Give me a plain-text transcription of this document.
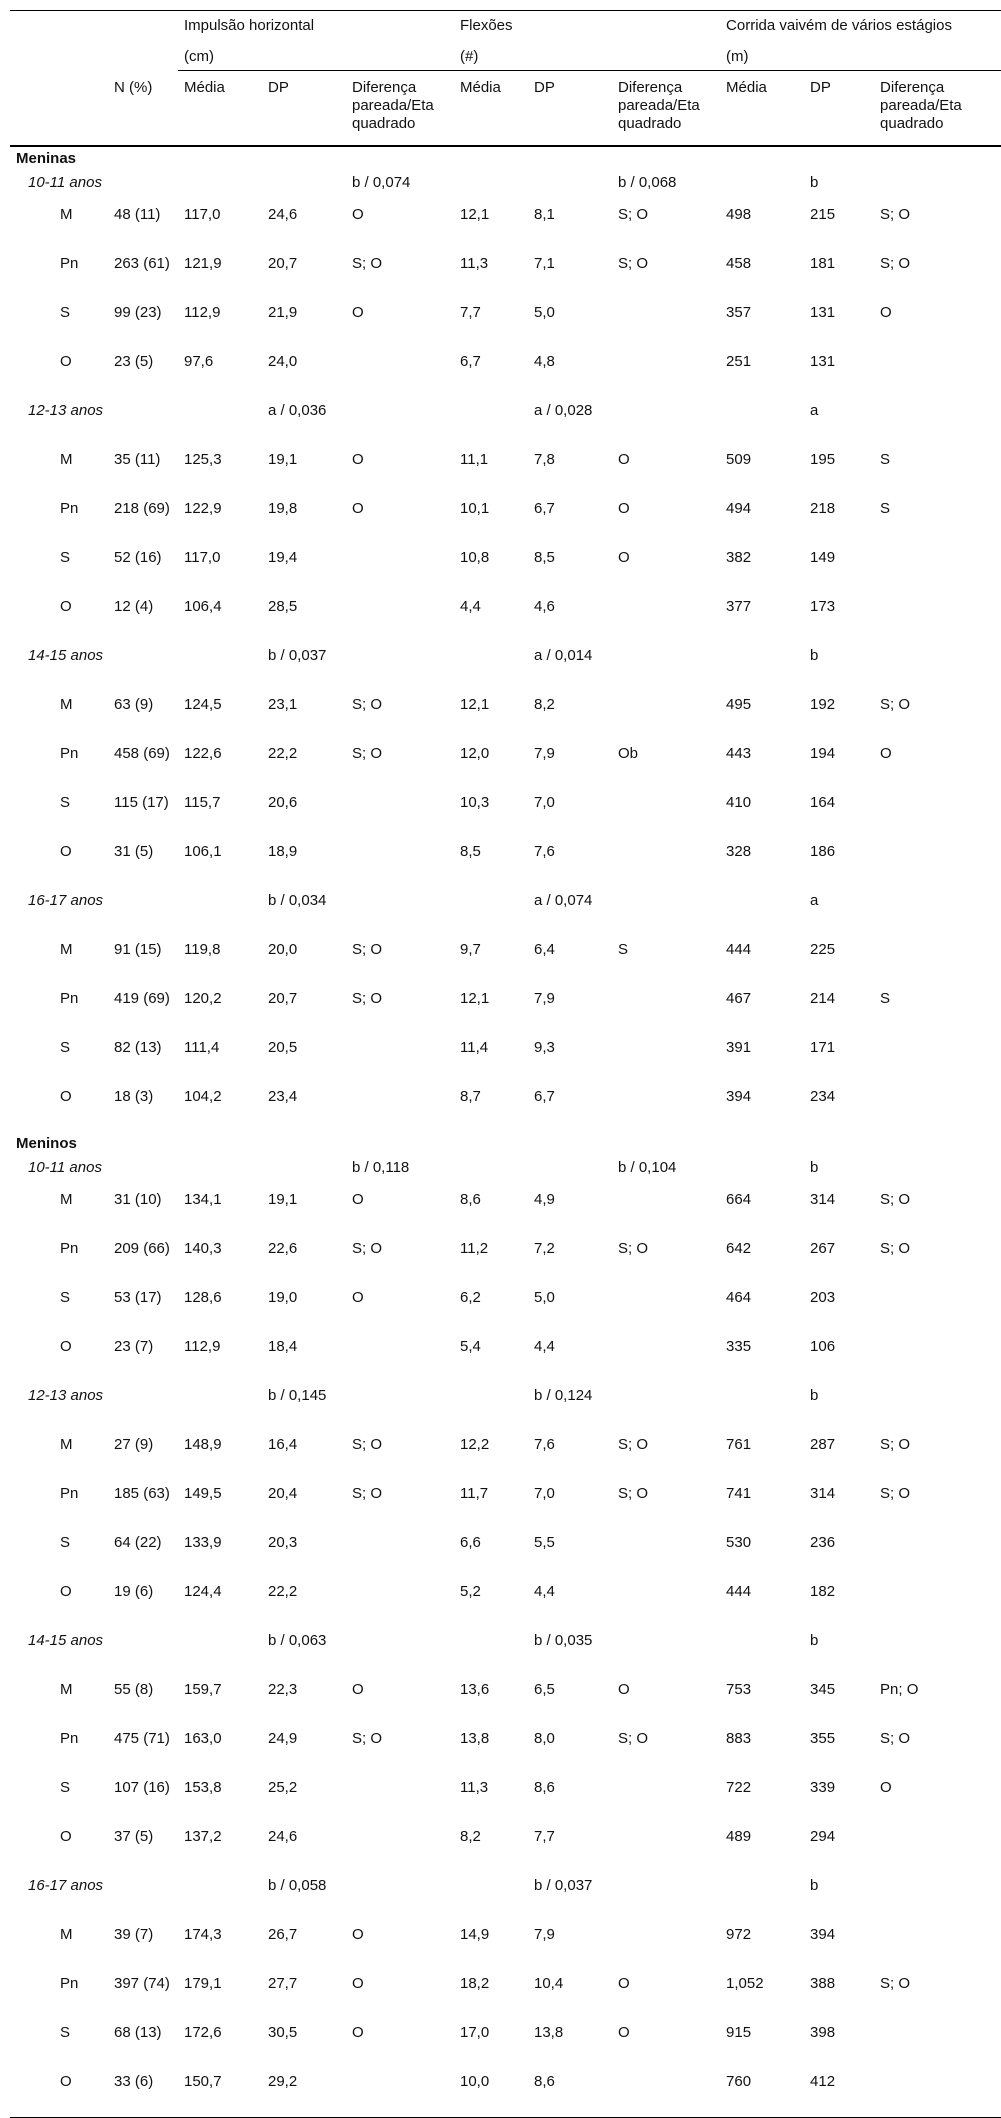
		Impulsão horizontal			Flexões			Corrida vaivém de vários estágios		
		(cm)			(#)			(m)		
	N (%)	Média	DP	Diferença pareada/Eta quadrado	Média	DP	Diferença pareada/Eta quadrado	Média	DP	Diferença pareada/Eta quadrado
Meninas										
10-11 anos				b / 0,074			b / 0,068		b	
M	48 (11)	117,0	24,6	O	12,1	8,1	S; O	498	215	S; O
Pn	263 (61)	121,9	20,7	S; O	11,3	7,1	S; O	458	181	S; O
S	99 (23)	112,9	21,9	O	7,7	5,0		357	131	O
O	23 (5)	97,6	24,0		6,7	4,8		251	131	
12-13 anos			a / 0,036			a / 0,028			a	
M	35 (11)	125,3	19,1	O	11,1	7,8	O	509	195	S
Pn	218 (69)	122,9	19,8	O	10,1	6,7	O	494	218	S
S	52 (16)	117,0	19,4		10,8	8,5	O	382	149	
O	12 (4)	106,4	28,5		4,4	4,6		377	173	
14-15 anos			b / 0,037			a / 0,014			b	
M	63 (9)	124,5	23,1	S; O	12,1	8,2		495	192	S; O
Pn	458 (69)	122,6	22,2	S; O	12,0	7,9	Ob	443	194	O
S	115 (17)	115,7	20,6		10,3	7,0		410	164	
O	31 (5)	106,1	18,9		8,5	7,6		328	186	
16-17 anos			b / 0,034			a / 0,074			a	
M	91 (15)	119,8	20,0	S; O	9,7	6,4	S	444	225	
Pn	419 (69)	120,2	20,7	S; O	12,1	7,9		467	214	S
S	82 (13)	111,4	20,5		11,4	9,3		391	171	
O	18 (3)	104,2	23,4		8,7	6,7		394	234	
Meninos										
10-11 anos				b / 0,118			b / 0,104		b	
M	31 (10)	134,1	19,1	O	8,6	4,9		664	314	S; O
Pn	209 (66)	140,3	22,6	S; O	11,2	7,2	S; O	642	267	S; O
S	53 (17)	128,6	19,0	O	6,2	5,0		464	203	
O	23 (7)	112,9	18,4		5,4	4,4		335	106	
12-13 anos			b / 0,145			b / 0,124			b	
M	27 (9)	148,9	16,4	S; O	12,2	7,6	S; O	761	287	S; O
Pn	185 (63)	149,5	20,4	S; O	11,7	7,0	S; O	741	314	S; O
S	64 (22)	133,9	20,3		6,6	5,5		530	236	
O	19 (6)	124,4	22,2		5,2	4,4		444	182	
14-15 anos			b / 0,063			b / 0,035			b	
M	55 (8)	159,7	22,3	O	13,6	6,5	O	753	345	Pn; O
Pn	475 (71)	163,0	24,9	S; O	13,8	8,0	S; O	883	355	S; O
S	107 (16)	153,8	25,2		11,3	8,6		722	339	O
O	37 (5)	137,2	24,6		8,2	7,7		489	294	
16-17 anos			b / 0,058			b / 0,037			b	
M	39 (7)	174,3	26,7	O	14,9	7,9		972	394	
Pn	397 (74)	179,1	27,7	O	18,2	10,4	O	1,052	388	S; O
S	68 (13)	172,6	30,5	O	17,0	13,8	O	915	398	
O	33 (6)	150,7	29,2		10,0	8,6		760	412	
